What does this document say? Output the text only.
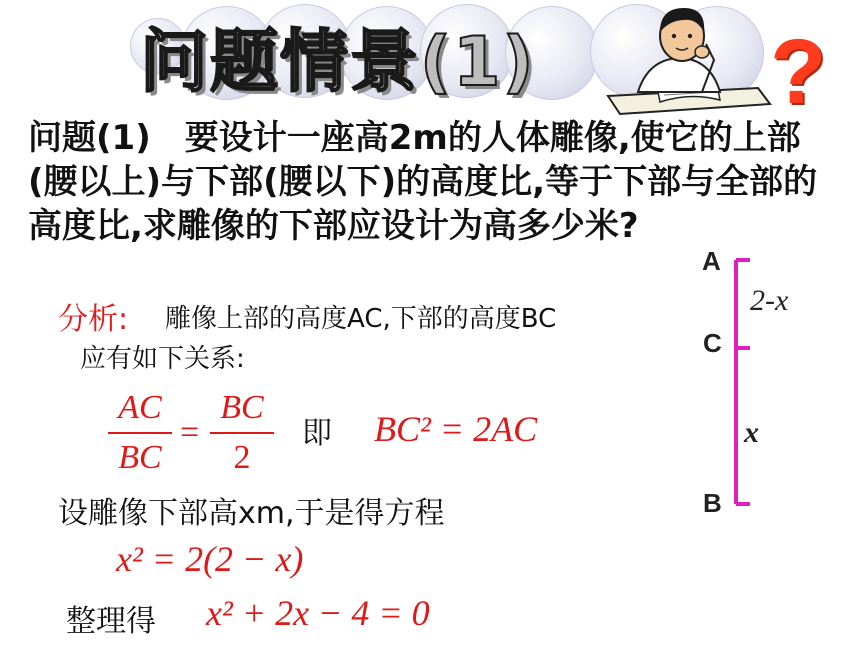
问题情景(1)	?
问题(1)　要设计一座高2m的人体雕像,使它的上部(腰以上)与下部(腰以下)的高度比,等于下部与全部的高度比,求雕像的下部应设计为高多少米?
A
C
B
2-x
x
分析: 雕像上部的高度AC,下部的高度BC
应有如下关系:
AC
BC
=
BC
2
即 BC² = 2AC
设雕像下部高xm,于是得方程
x² = 2(2 − x)
整理得 x² + 2x − 4 = 0
